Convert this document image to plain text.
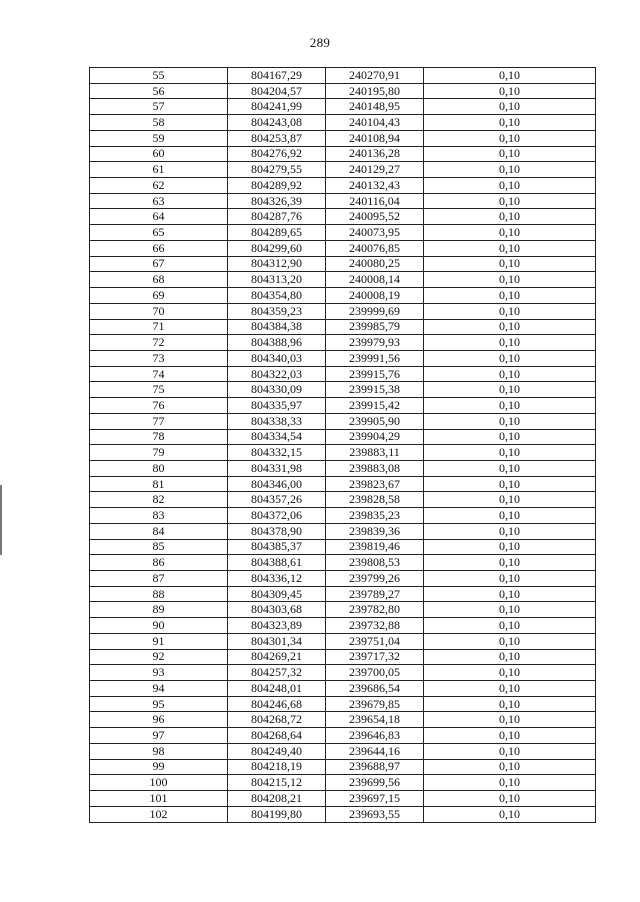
289
55	804167,29	240270,91	0,10
56	804204,57	240195,80	0,10
57	804241,99	240148,95	0,10
58	804243,08	240104,43	0,10
59	804253,87	240108,94	0,10
60	804276,92	240136,28	0,10
61	804279,55	240129,27	0,10
62	804289,92	240132,43	0,10
63	804326,39	240116,04	0,10
64	804287,76	240095,52	0,10
65	804289,65	240073,95	0,10
66	804299,60	240076,85	0,10
67	804312,90	240080,25	0,10
68	804313,20	240008,14	0,10
69	804354,80	240008,19	0,10
70	804359,23	239999,69	0,10
71	804384,38	239985,79	0,10
72	804388,96	239979,93	0,10
73	804340,03	239991,56	0,10
74	804322,03	239915,76	0,10
75	804330,09	239915,38	0,10
76	804335,97	239915,42	0,10
77	804338,33	239905,90	0,10
78	804334,54	239904,29	0,10
79	804332,15	239883,11	0,10
80	804331,98	239883,08	0,10
81	804346,00	239823,67	0,10
82	804357,26	239828,58	0,10
83	804372,06	239835,23	0,10
84	804378,90	239839,36	0,10
85	804385,37	239819,46	0,10
86	804388,61	239808,53	0,10
87	804336,12	239799,26	0,10
88	804309,45	239789,27	0,10
89	804303,68	239782,80	0,10
90	804323,89	239732,88	0,10
91	804301,34	239751,04	0,10
92	804269,21	239717,32	0,10
93	804257,32	239700,05	0,10
94	804248,01	239686,54	0,10
95	804246,68	239679,85	0,10
96	804268,72	239654,18	0,10
97	804268,64	239646,83	0,10
98	804249,40	239644,16	0,10
99	804218,19	239688,97	0,10
100	804215,12	239699,56	0,10
101	804208,21	239697,15	0,10
102	804199,80	239693,55	0,10
